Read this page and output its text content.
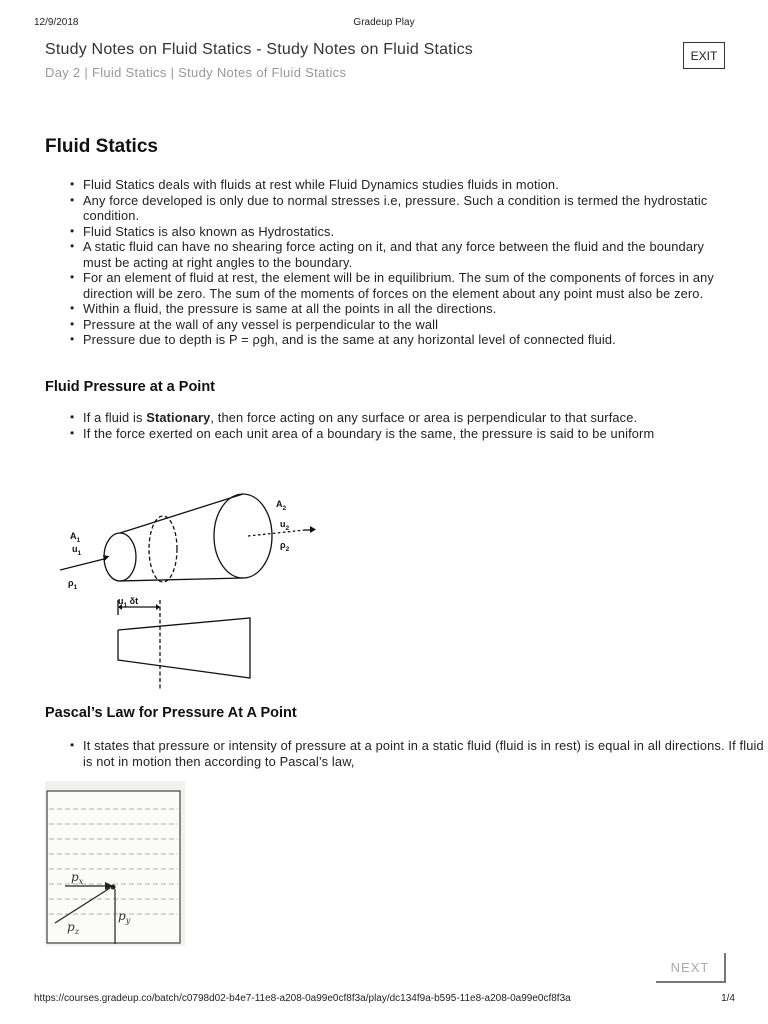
12/9/2018	Gradeup Play
Study Notes on Fluid Statics - Study Notes on Fluid Statics
Day 2 | Fluid Statics | Study Notes of Fluid Statics
EXIT
Fluid Statics
• Fluid Statics deals with fluids at rest while Fluid Dynamics studies fluids in motion.
• Any force developed is only due to normal stresses i.e, pressure. Such a condition is termed the hydrostatic condition.
• Fluid Statics is also known as Hydrostatics.
• A static fluid can have no shearing force acting on it, and that any force between the fluid and the boundary must be acting at right angles to the boundary.
• For an element of fluid at rest, the element will be in equilibrium. The sum of the components of forces in any direction will be zero. The sum of the moments of forces on the element about any point must also be zero.
• Within a fluid, the pressure is same at all the points in all the directions.
• Pressure at the wall of any vessel is perpendicular to the wall
• Pressure due to depth is P = ρgh, and is the same at any horizontal level of connected fluid.
Fluid Pressure at a Point
• If a fluid is Stationary, then force acting on any surface or area is perpendicular to that surface.
• If the force exerted on each unit area of a boundary is the same, the pressure is said to be uniform
$A_1$
$u_1$
$\rho_1$
$A_2$
$u_2$
$\rho_2$
$u_1$ δt
Pascal’s Law for Pressure At A Point
• It states that pressure or intensity of pressure at a point in a static fluid (fluid is in rest) is equal in all directions. If fluid is not in motion then according to Pascal’s law,
$p_x$
$p_z$
$p_y$
NEXT
https://courses.gradeup.co/batch/c0798d02-b4e7-11e8-a208-0a99e0cf8f3a/play/dc134f9a-b595-11e8-a208-0a99e0cf8f3a	1/4
